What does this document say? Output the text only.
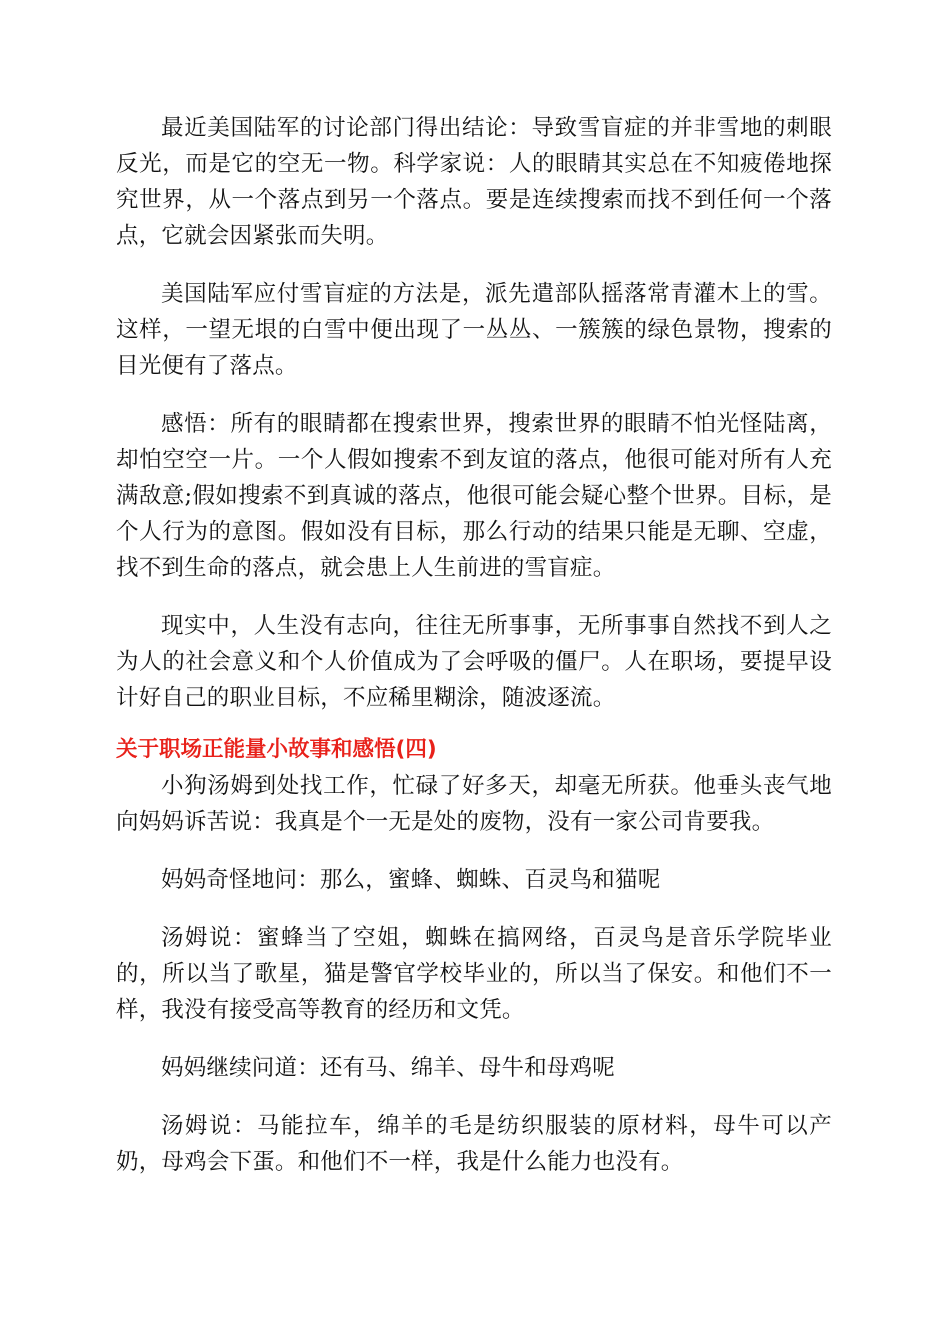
最近美国陆军的讨论部门得出结论：导致雪盲症的并非雪地的刺眼反光，而是它的空无一物。科学家说：人的眼睛其实总在不知疲倦地探究世界，从一个落点到另一个落点。要是连续搜索而找不到任何一个落点，它就会因紧张而失明。

美国陆军应付雪盲症的方法是，派先遣部队摇落常青灌木上的雪。这样，一望无垠的白雪中便出现了一丛丛、一簇簇的绿色景物，搜索的目光便有了落点。

感悟：所有的眼睛都在搜索世界，搜索世界的眼睛不怕光怪陆离，却怕空空一片。一个人假如搜索不到友谊的落点，他很可能对所有人充满敌意;假如搜索不到真诚的落点，他很可能会疑心整个世界。目标，是个人行为的意图。假如没有目标，那么行动的结果只能是无聊、空虚，找不到生命的落点，就会患上人生前进的雪盲症。

现实中，人生没有志向，往往无所事事，无所事事自然找不到人之为人的社会意义和个人价值成为了会呼吸的僵尸。人在职场，要提早设计好自己的职业目标，不应稀里糊涂，随波逐流。

关于职场正能量小故事和感悟(四)

小狗汤姆到处找工作，忙碌了好多天，却毫无所获。他垂头丧气地向妈妈诉苦说：我真是个一无是处的废物，没有一家公司肯要我。

妈妈奇怪地问：那么，蜜蜂、蜘蛛、百灵鸟和猫呢

汤姆说：蜜蜂当了空姐，蜘蛛在搞网络，百灵鸟是音乐学院毕业的，所以当了歌星，猫是警官学校毕业的，所以当了保安。和他们不一样，我没有接受高等教育的经历和文凭。

妈妈继续问道：还有马、绵羊、母牛和母鸡呢

汤姆说：马能拉车，绵羊的毛是纺织服装的原材料，母牛可以产奶，母鸡会下蛋。和他们不一样，我是什么能力也没有。
